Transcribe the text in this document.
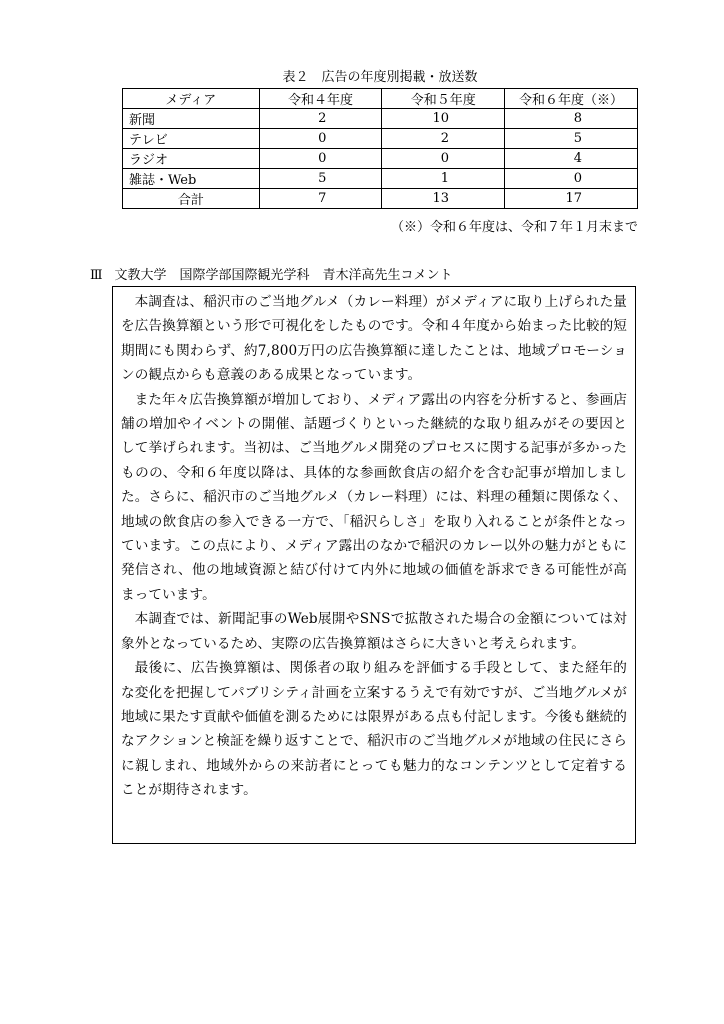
表２　広告の年度別掲載・放送数
メディア	令和４年度	令和５年度	令和６年度（※）
新聞	2	10	8
テレビ	0	2	5
ラジオ	0	0	4
雑誌・Web	5	1	0
合計	7	13	17
（※）令和６年度は、令和７年１月末まで
Ⅲ 文教大学　国際学部国際観光学科　青木洋高先生コメント

本調査は、稲沢市のご当地グルメ（カレー料理）がメディアに取り上げられた量を広告換算額という形で可視化をしたものです。令和４年度から始まった比較的短期間にも関わらず、約7,800万円の広告換算額に達したことは、地域プロモーションの観点からも意義のある成果となっています。

また年々広告換算額が増加しており、メディア露出の内容を分析すると、参画店舗の増加やイベントの開催、話題づくりといった継続的な取り組みがその要因として挙げられます。当初は、ご当地グルメ開発のプロセスに関する記事が多かったものの、令和６年度以降は、具体的な参画飲食店の紹介を含む記事が増加しました。さらに、稲沢市のご当地グルメ（カレー料理）には、料理の種類に関係なく、地域の飲食店の参入できる一方で、「稲沢らしさ」を取り入れることが条件となっています。この点により、メディア露出のなかで稲沢のカレー以外の魅力がともに発信され、他の地域資源と結び付けて内外に地域の価値を訴求できる可能性が高まっています。

本調査では、新聞記事のWeb展開やSNSで拡散された場合の金額については対象外となっているため、実際の広告換算額はさらに大きいと考えられます。

最後に、広告換算額は、関係者の取り組みを評価する手段として、また経年的な変化を把握してパブリシティ計画を立案するうえで有効ですが、ご当地グルメが地域に果たす貢献や価値を測るためには限界がある点も付記します。今後も継続的なアクションと検証を繰り返すことで、稲沢市のご当地グルメが地域の住民にさらに親しまれ、地域外からの来訪者にとっても魅力的なコンテンツとして定着することが期待されます。
